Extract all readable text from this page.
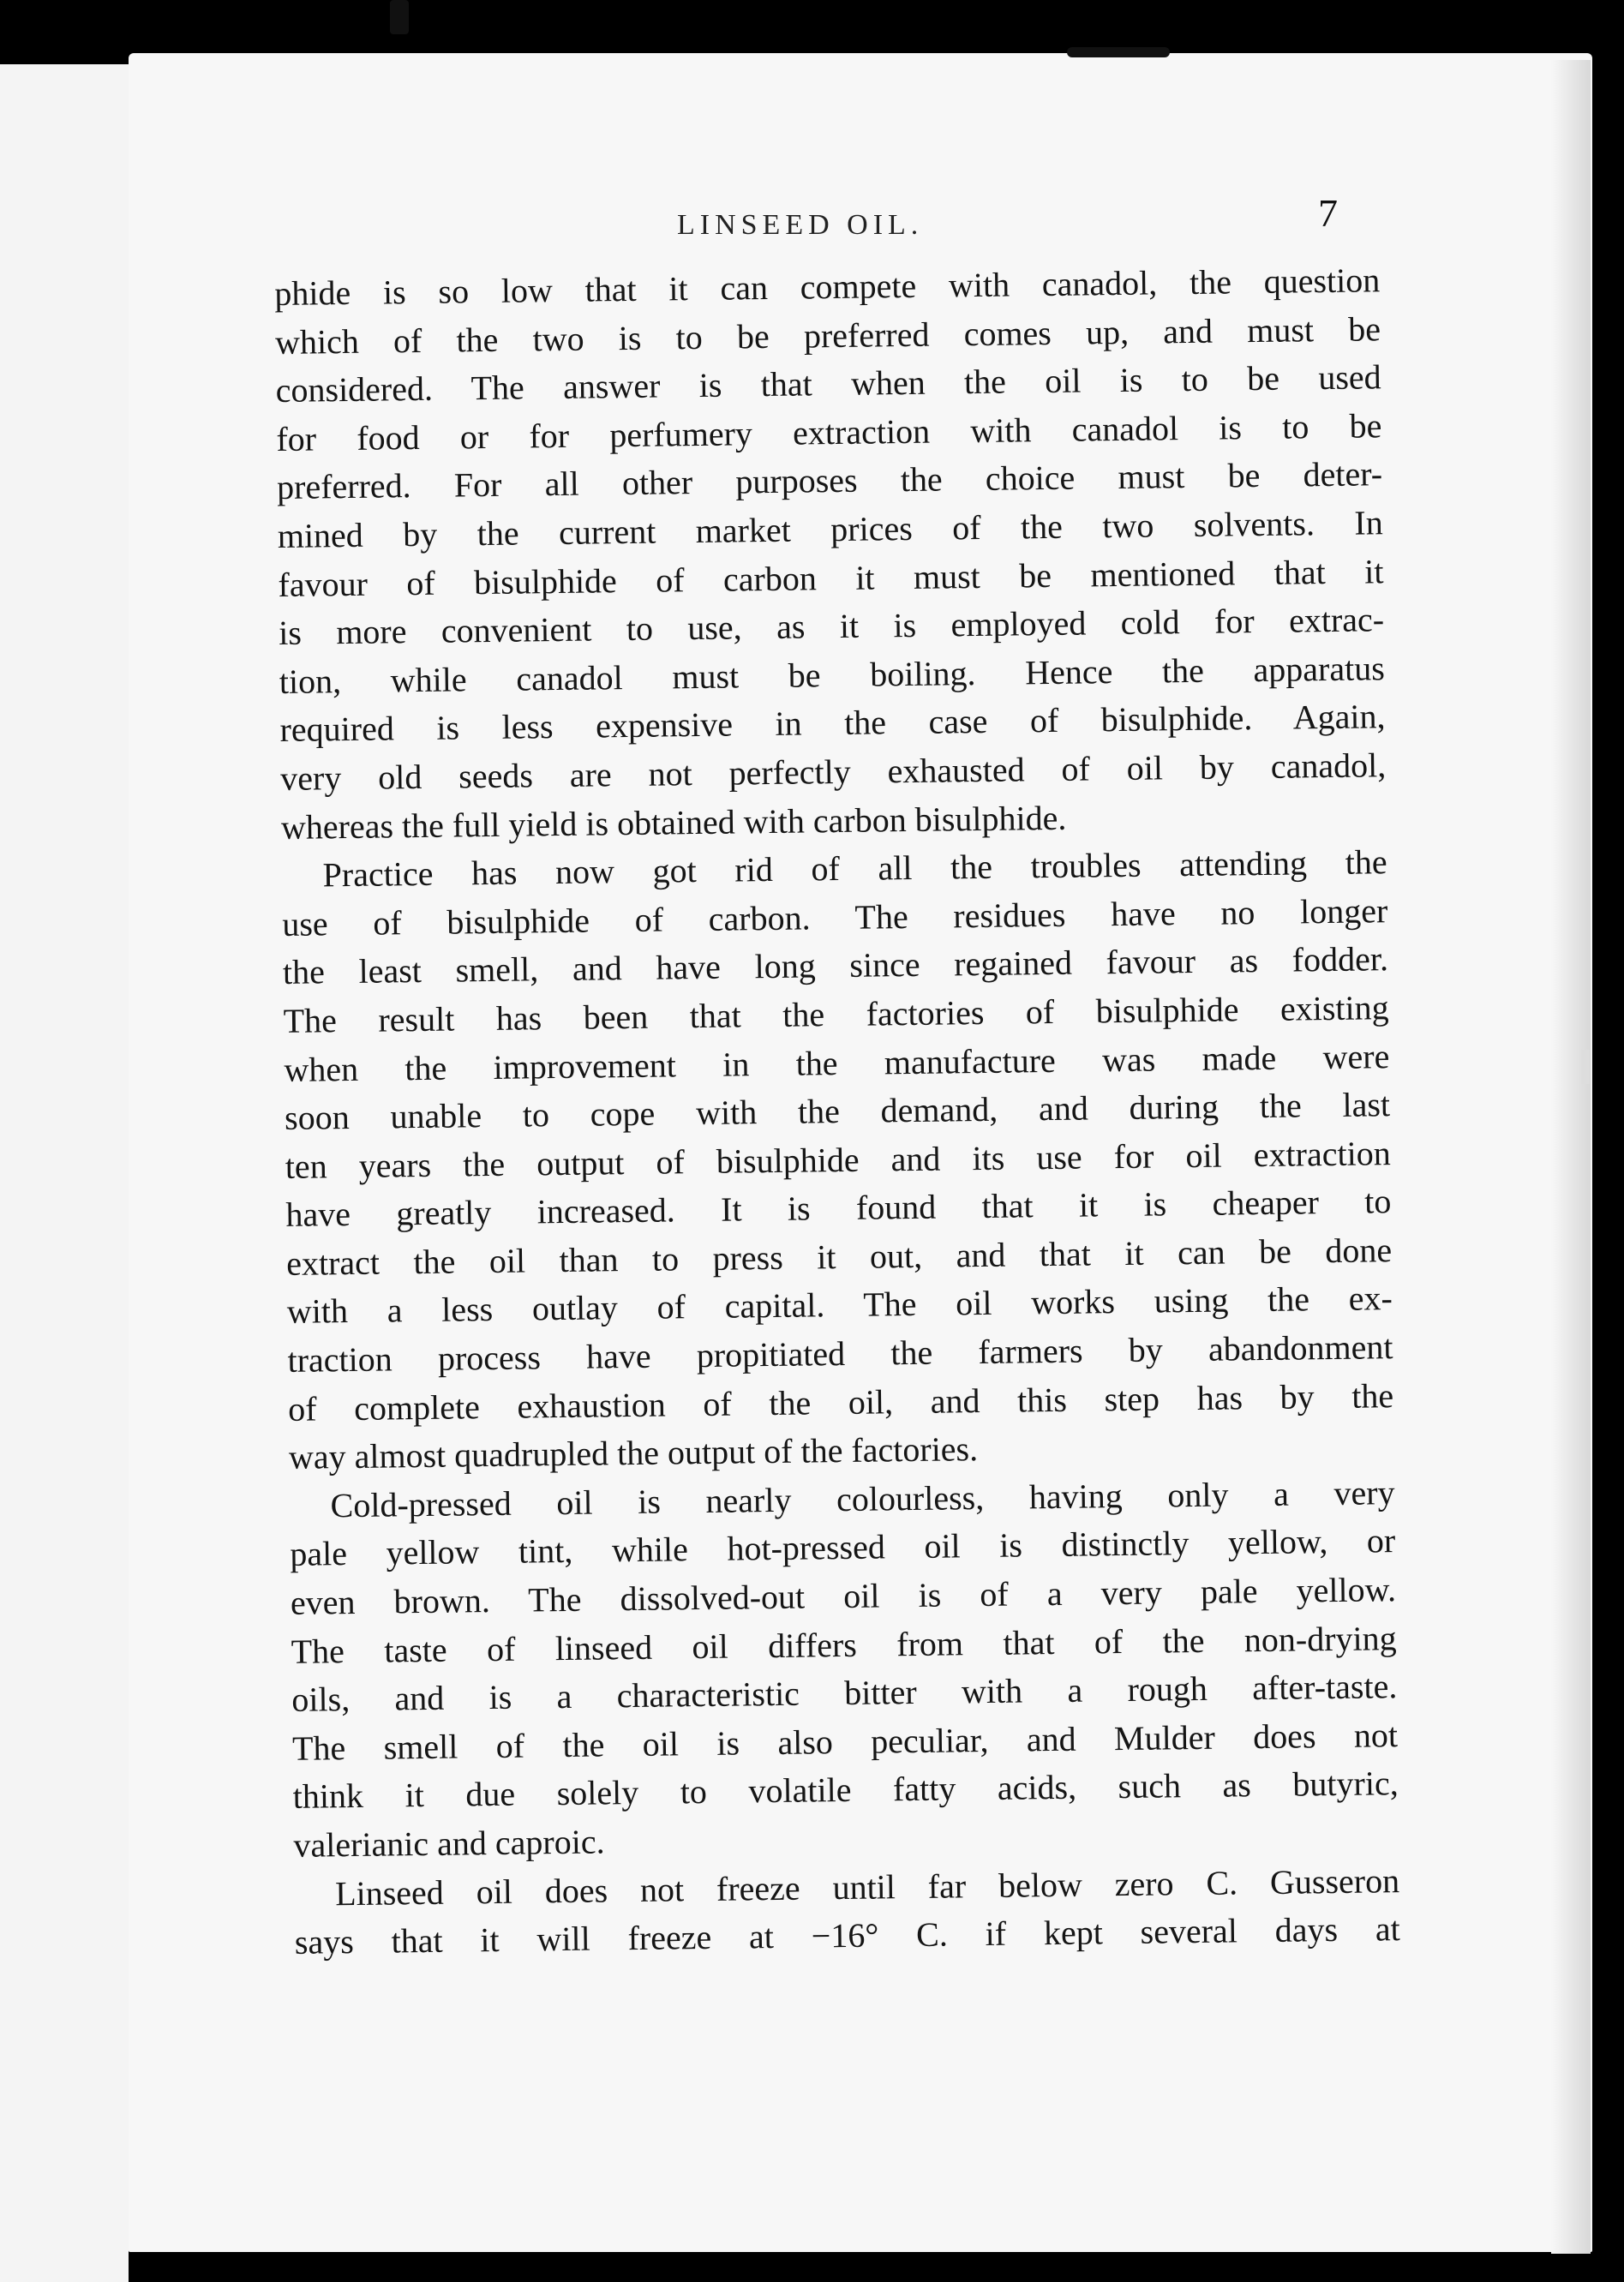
LINSEED OIL.	7
phide is so low that it can compete with canadol, the question
which of the two is to be preferred comes up, and must be
considered. The answer is that when the oil is to be used
for food or for perfumery extraction with canadol is to be
preferred. For all other purposes the choice must be deter-
mined by the current market prices of the two solvents. In
favour of bisulphide of carbon it must be mentioned that it
is more convenient to use, as it is employed cold for extrac-
tion, while canadol must be boiling. Hence the apparatus
required is less expensive in the case of bisulphide. Again,
very old seeds are not perfectly exhausted of oil by canadol,
whereas the full yield is obtained with carbon bisulphide.
Practice has now got rid of all the troubles attending the
use of bisulphide of carbon. The residues have no longer
the least smell, and have long since regained favour as fodder.
The result has been that the factories of bisulphide existing
when the improvement in the manufacture was made were
soon unable to cope with the demand, and during the last
ten years the output of bisulphide and its use for oil extraction
have greatly increased. It is found that it is cheaper to
extract the oil than to press it out, and that it can be done
with a less outlay of capital. The oil works using the ex-
traction process have propitiated the farmers by abandonment
of complete exhaustion of the oil, and this step has by the
way almost quadrupled the output of the factories.
Cold-pressed oil is nearly colourless, having only a very
pale yellow tint, while hot-pressed oil is distinctly yellow, or
even brown. The dissolved-out oil is of a very pale yellow.
The taste of linseed oil differs from that of the non-drying
oils, and is a characteristic bitter with a rough after-taste.
The smell of the oil is also peculiar, and Mulder does not
think it due solely to volatile fatty acids, such as butyric,
valerianic and caproic.
Linseed oil does not freeze until far below zero C. Gusseron
says that it will freeze at −16° C. if kept several days at
